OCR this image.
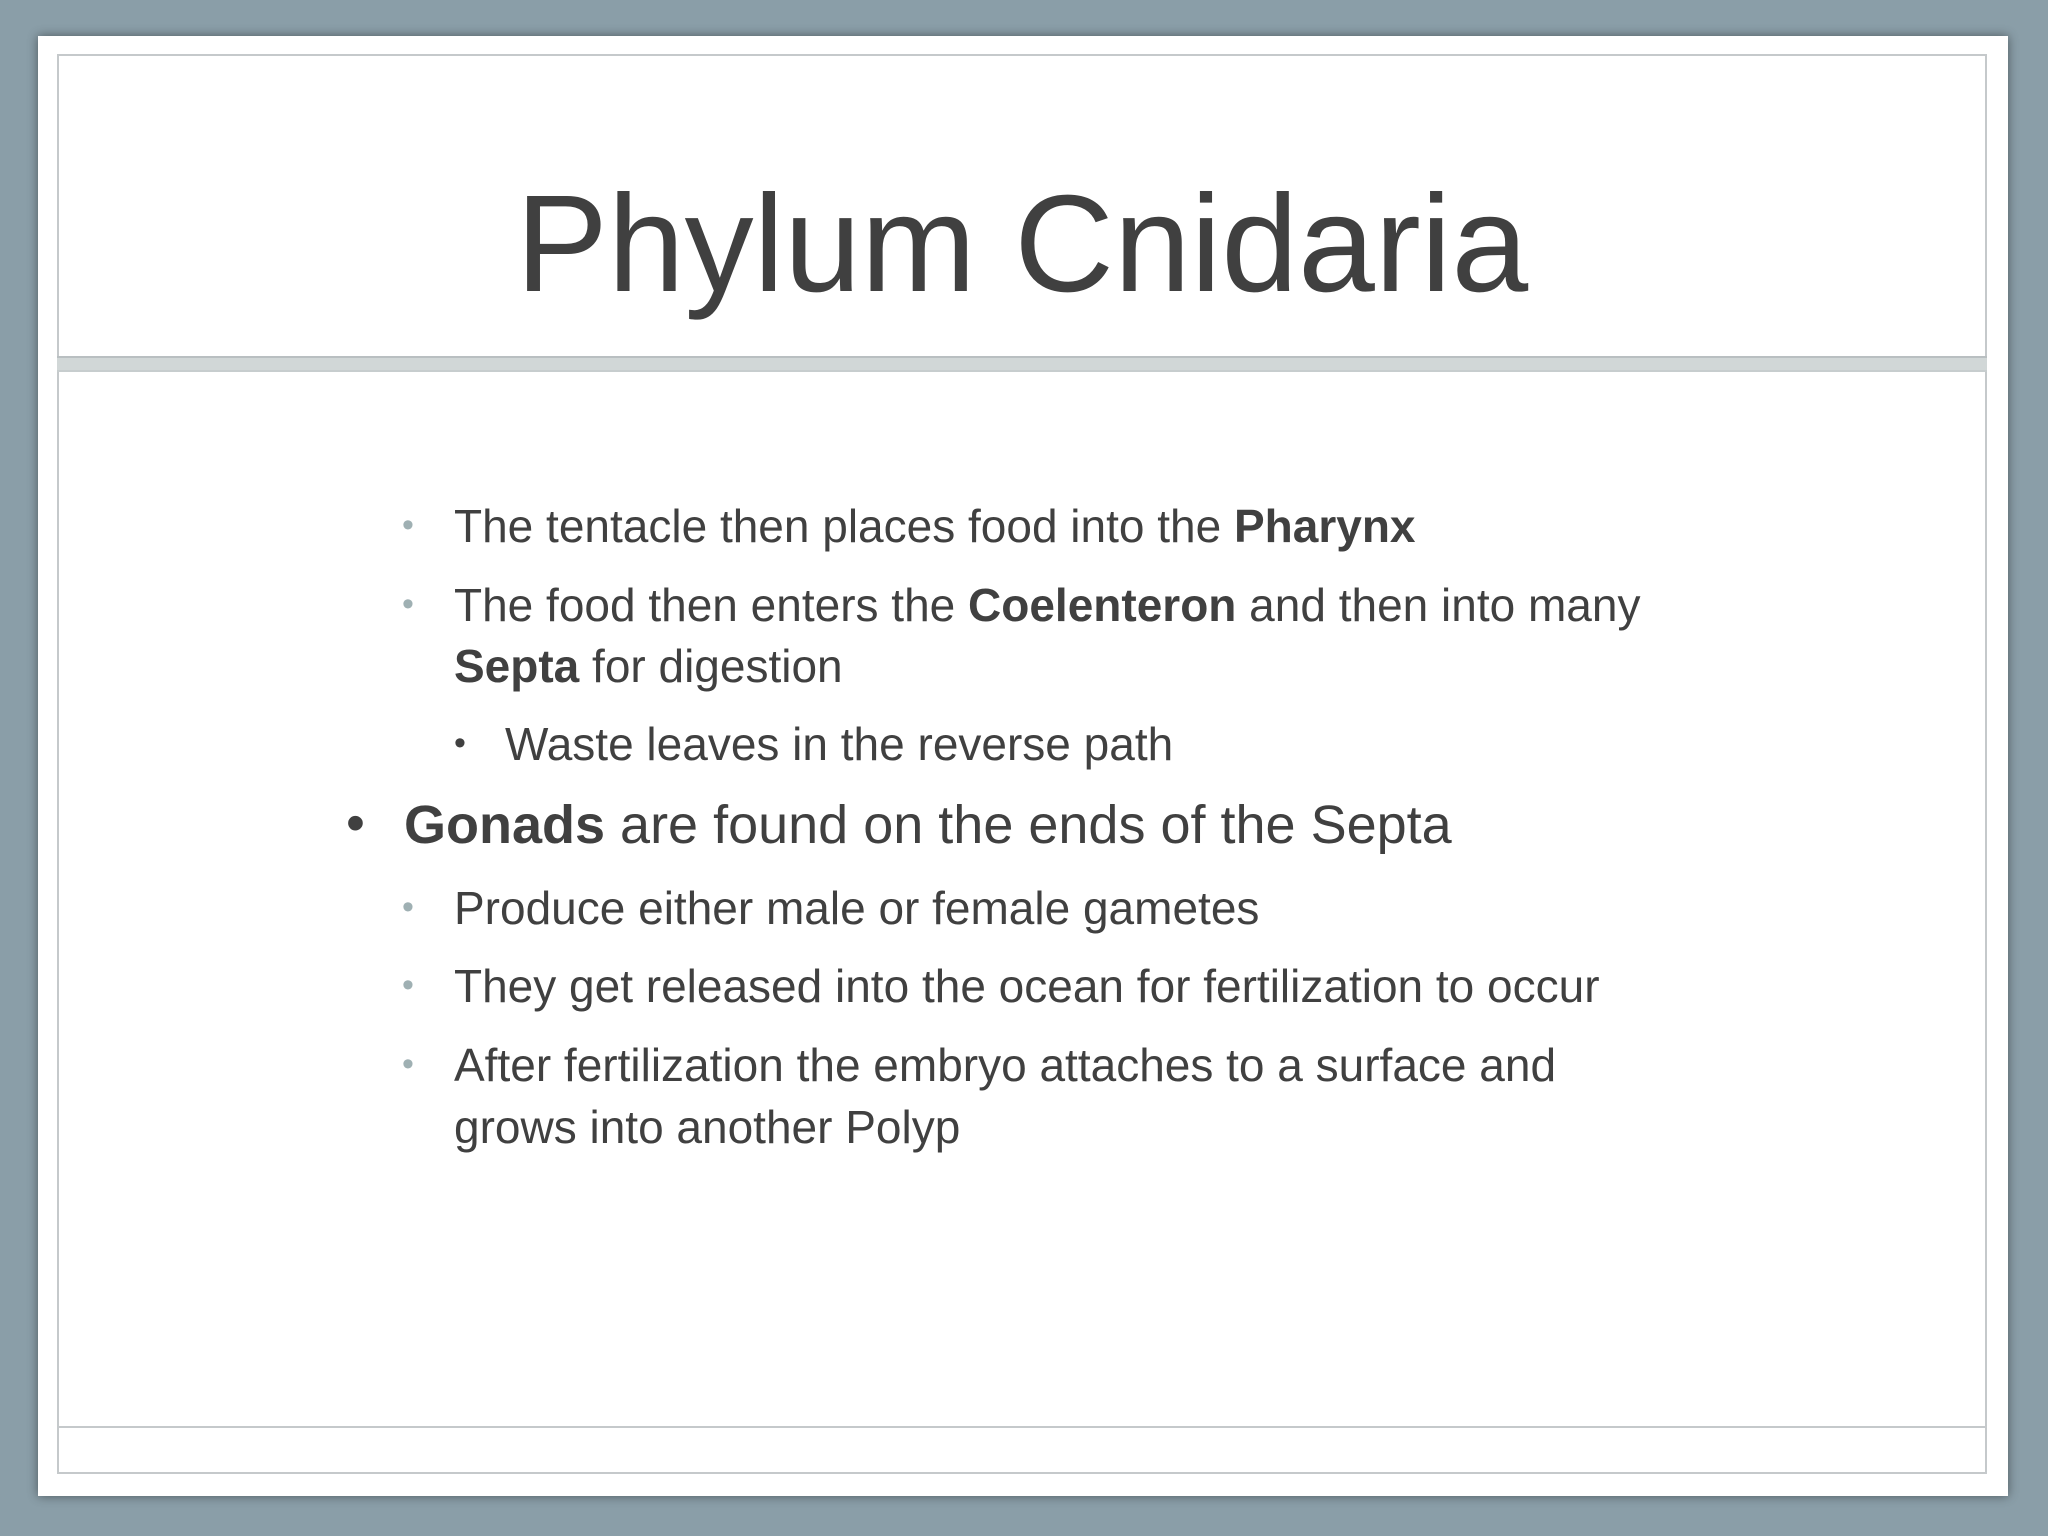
Phylum Cnidaria
• The tentacle then places food into the Pharynx
• The food then enters the Coelenteron and then into many
Septa for digestion
• Waste leaves in the reverse path
• Gonads are found on the ends of the Septa
• Produce either male or female gametes
• They get released into the ocean for fertilization to occur
• After fertilization the embryo attaches to a surface and
grows into another Polyp
